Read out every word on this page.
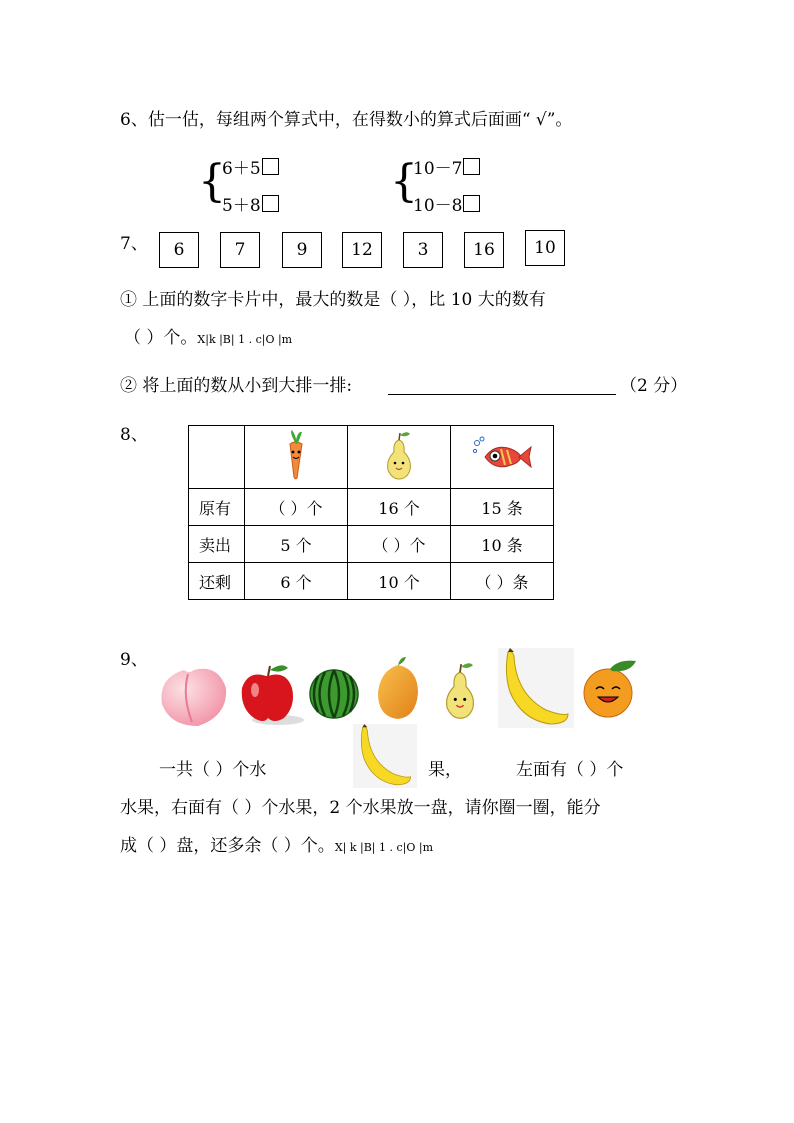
6、估一估，每组两个算式中，在得数小的算式后面画“ √”。
{
6＋5
5＋8	{
10－7
10－8
7、	6	7	9	12	3	16	10
① 上面的数字卡片中，最大的数是（ ），比 10 大的数有
（ ）个。X|k |B| 1 . c|O |m
② 将上面的数从小到大排一排:	（2 分）
8、

原有	（ ）个	16 个	15 条
卖出	5 个	（ ）个	10 条
还剩	6 个	10 个	（ ）条
9、
一共（ ）个水	果，	左面有（ ）个
水果，右面有（ ）个水果，2 个水果放一盘，请你圈一圈，能分
成（ ）盘，还多余（ ）个。X| k |B| 1 . c|O |m
